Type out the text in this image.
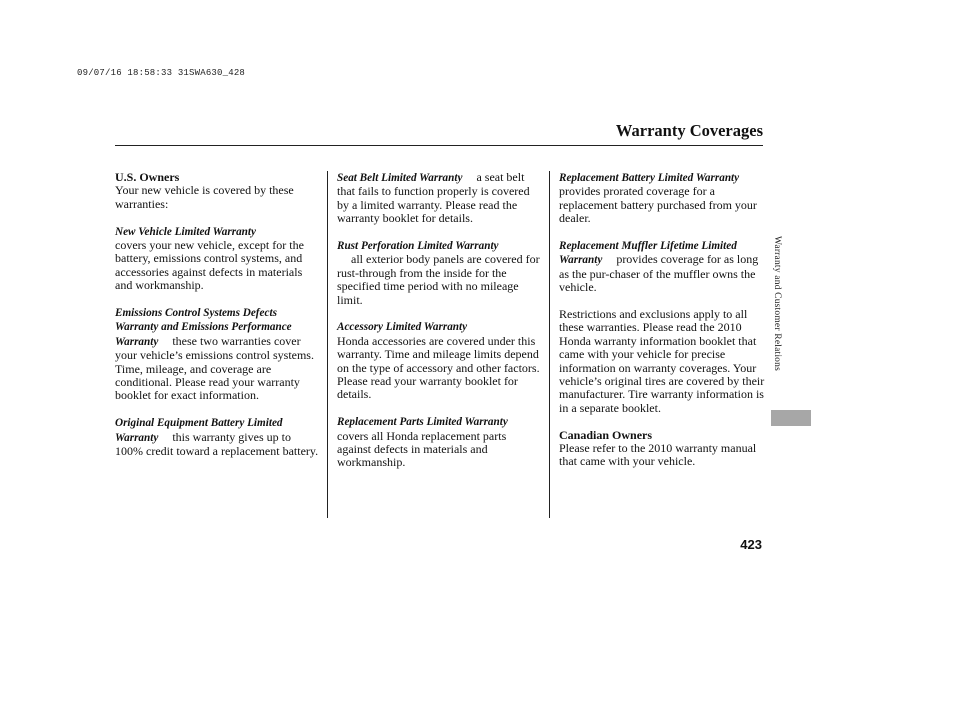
09/07/16 18:58:33 31SWA630_428
Warranty Coverages

U.S. Owners

Your new vehicle is covered by these warranties:

New Vehicle Limited Warranty
covers your new vehicle, except for the battery, emissions control systems, and accessories against defects in materials and workmanship.

Emissions Control Systems Defects Warranty and Emissions Performance Warranty these two warranties cover your vehicle’s emissions control systems. Time, mileage, and coverage are conditional. Please read your warranty booklet for exact information.

Original Equipment Battery Limited Warranty this warranty gives up to 100% credit toward a replacement battery.

Seat Belt Limited Warranty a seat belt that fails to function properly is covered by a limited warranty. Please read the warranty booklet for details.

Rust Perforation Limited Warranty
all exterior body panels are covered for rust-through from the inside for the specified time period with no mileage limit.

Accessory Limited Warranty
Honda accessories are covered under this warranty. Time and mileage limits depend on the type of accessory and other factors. Please read your warranty booklet for details.

Replacement Parts Limited Warrantycovers all Honda replacement parts against defects in materials and workmanship.

Replacement Battery Limited Warrantyprovides prorated coverage for a replacement battery purchased from your dealer.

Replacement Muffler Lifetime Limited Warranty provides coverage for as long as the pur-chaser of the muffler owns the vehicle.

Restrictions and exclusions apply to all these warranties. Please read the 2010 Honda warranty information booklet that came with your vehicle for precise information on warranty coverages. Your vehicle’s original tires are covered by their manufacturer. Tire warranty information is in a separate booklet.

Canadian Owners

Please refer to the 2010 warranty manual that came with your vehicle.

Warranty and Customer Relations
423
